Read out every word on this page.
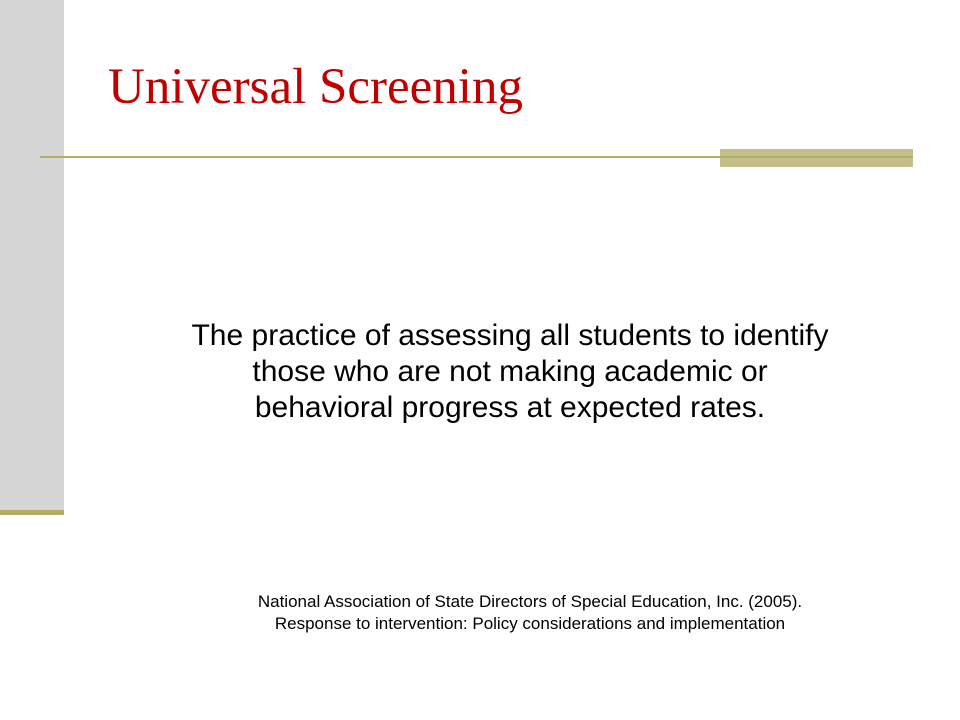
Universal Screening

The practice of assessing all students to identify
those who are not making academic or
behavioral progress at expected rates.

National Association of State Directors of Special Education, Inc. (2005).
Response to intervention: Policy considerations and implementation
